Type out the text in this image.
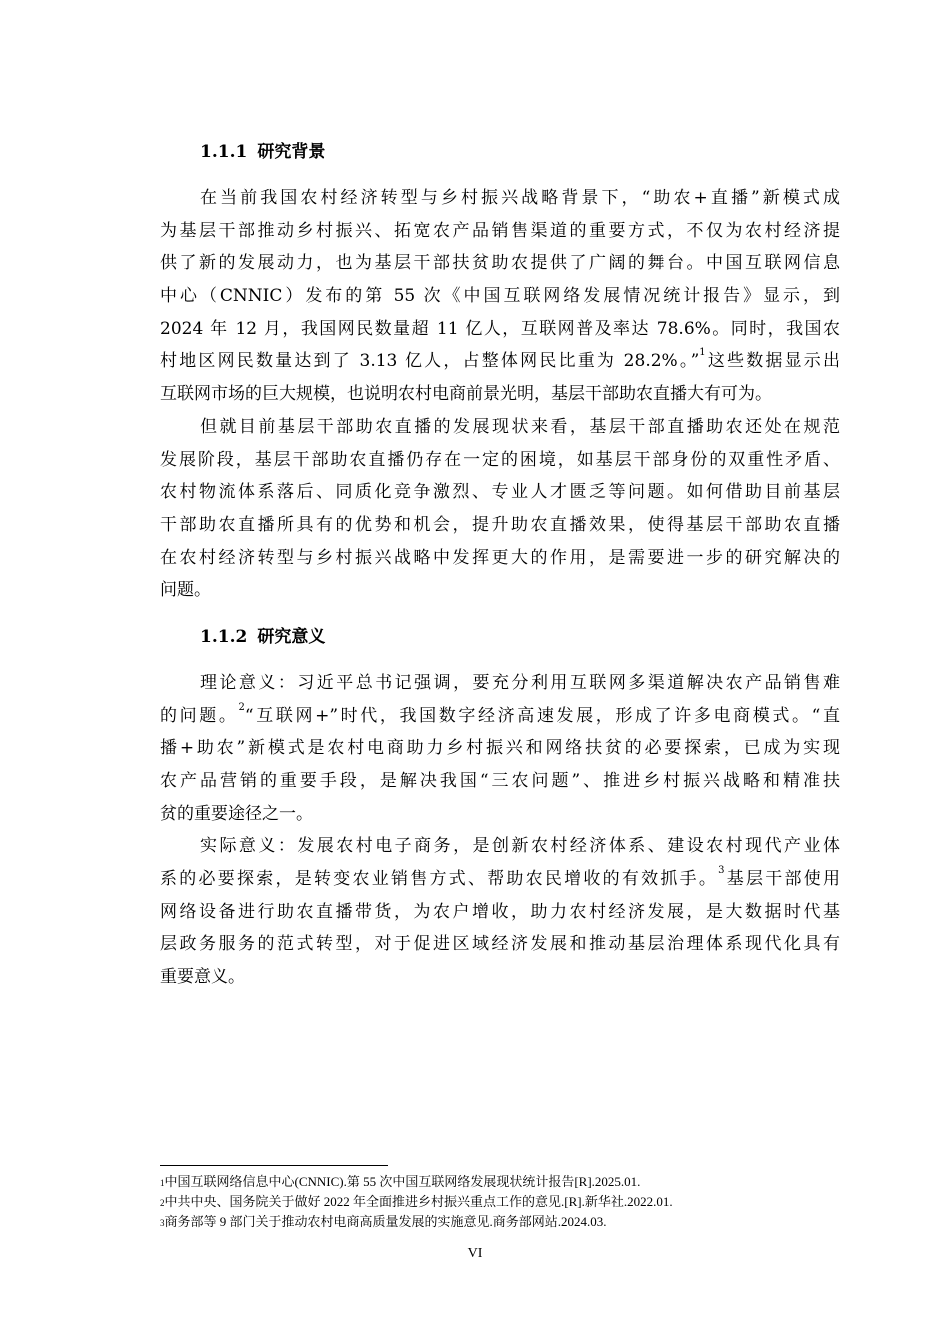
1.1.1 研究背景
在当前我国农村经济转型与乡村振兴战略背景下，“助农+直播”新模式成
为基层干部推动乡村振兴、拓宽农产品销售渠道的重要方式，不仅为农村经济提
供了新的发展动力，也为基层干部扶贫助农提供了广阔的舞台。中国互联网信息
中心（CNNIC）发布的第 55 次《中国互联网络发展情况统计报告》显示，到
2024 年 12 月，我国网民数量超 11 亿人，互联网普及率达 78.6%。同时，我国农
村地区网民数量达到了 3.13 亿人，占整体网民比重为 28.2%。”$^1$这些数据显示出
互联网市场的巨大规模，也说明农村电商前景光明，基层干部助农直播大有可为。
但就目前基层干部助农直播的发展现状来看，基层干部直播助农还处在规范
发展阶段，基层干部助农直播仍存在一定的困境，如基层干部身份的双重性矛盾、
农村物流体系落后、同质化竞争激烈、专业人才匮乏等问题。如何借助目前基层
干部助农直播所具有的优势和机会，提升助农直播效果，使得基层干部助农直播
在农村经济转型与乡村振兴战略中发挥更大的作用，是需要进一步的研究解决的
问题。
1.1.2 研究意义
理论意义：习近平总书记强调，要充分利用互联网多渠道解决农产品销售难
的问题。$^2$“互联网+”时代，我国数字经济高速发展，形成了许多电商模式。“直
播+助农”新模式是农村电商助力乡村振兴和网络扶贫的必要探索，已成为实现
农产品营销的重要手段，是解决我国“三农问题”、推进乡村振兴战略和精准扶
贫的重要途径之一。
实际意义：发展农村电子商务，是创新农村经济体系、建设农村现代产业体
系的必要探索，是转变农业销售方式、帮助农民增收的有效抓手。$^3$基层干部使用
网络设备进行助农直播带货，为农户增收，助力农村经济发展，是大数据时代基
层政务服务的范式转型，对于促进区域经济发展和推动基层治理体系现代化具有
重要意义。
$^1$中国互联网络信息中心(CNNIC).第 55 次中国互联网络发展现状统计报告[R].2025.01.
$^2$中共中央、国务院关于做好 2022 年全面推进乡村振兴重点工作的意见.[R].新华社.2022.01.
$^3$商务部等 9 部门关于推动农村电商高质量发展的实施意见.商务部网站.2024.03.
VI
